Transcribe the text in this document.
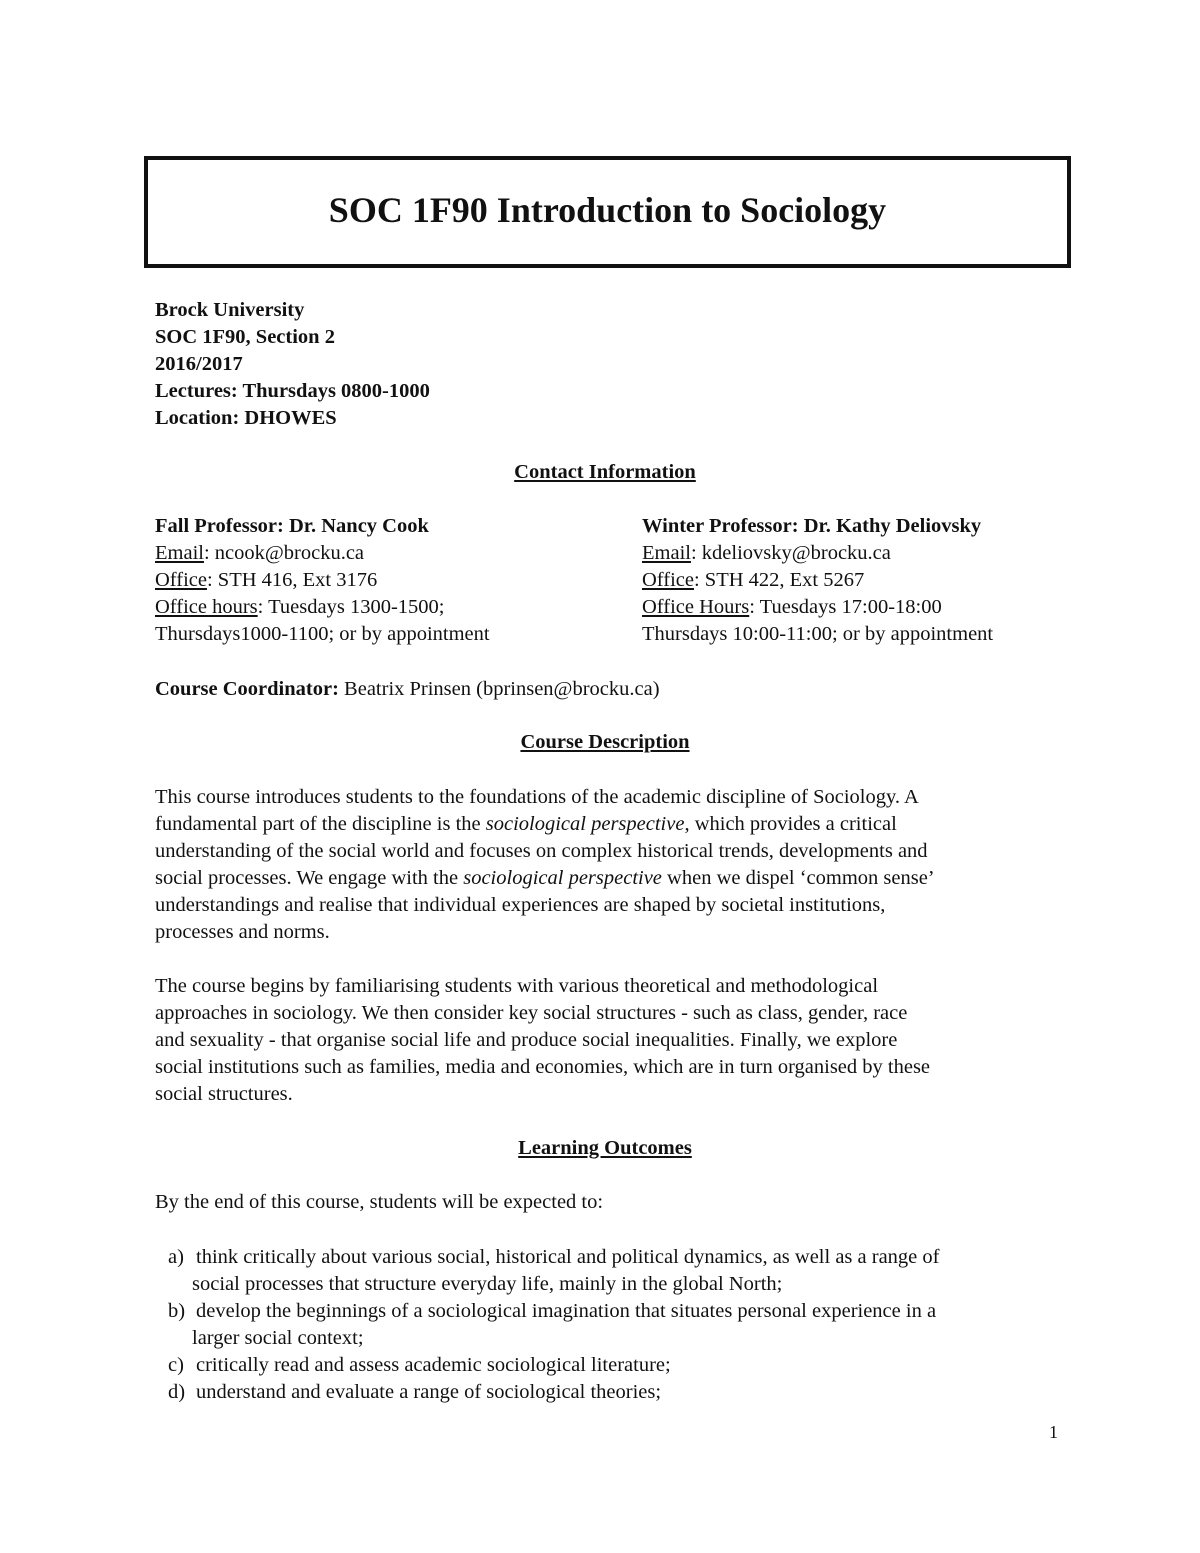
SOC 1F90 Introduction to Sociology
Brock University
SOC 1F90, Section 2
2016/2017
Lectures: Thursdays 0800-1000
Location: DHOWES
Contact Information
Fall Professor: Dr. Nancy Cook
Email: ncook@brocku.ca
Office: STH 416, Ext 3176
Office hours: Tuesdays 1300-1500;
Thursdays1000-1100; or by appointment
Winter Professor: Dr. Kathy Deliovsky
Email: kdeliovsky@brocku.ca
Office: STH 422, Ext 5267
Office Hours: Tuesdays 17:00-18:00
Thursdays 10:00-11:00; or by appointment
Course Coordinator: Beatrix Prinsen (bprinsen@brocku.ca)
Course Description
This course introduces students to the foundations of the academic discipline of Sociology. A
fundamental part of the discipline is the sociological perspective, which provides a critical
understanding of the social world and focuses on complex historical trends, developments and
social processes. We engage with the sociological perspective when we dispel ‘common sense’
understandings and realise that individual experiences are shaped by societal institutions,
processes and norms.
The course begins by familiarising students with various theoretical and methodological
approaches in sociology. We then consider key social structures - such as class, gender, race
and sexuality - that organise social life and produce social inequalities. Finally, we explore
social institutions such as families, media and economies, which are in turn organised by these
social structures.
Learning Outcomes
By the end of this course, students will be expected to:
a) think critically about various social, historical and political dynamics, as well as a range of
social processes that structure everyday life, mainly in the global North;
b) develop the beginnings of a sociological imagination that situates personal experience in a
larger social context;
c) critically read and assess academic sociological literature;
d) understand and evaluate a range of sociological theories;
1
